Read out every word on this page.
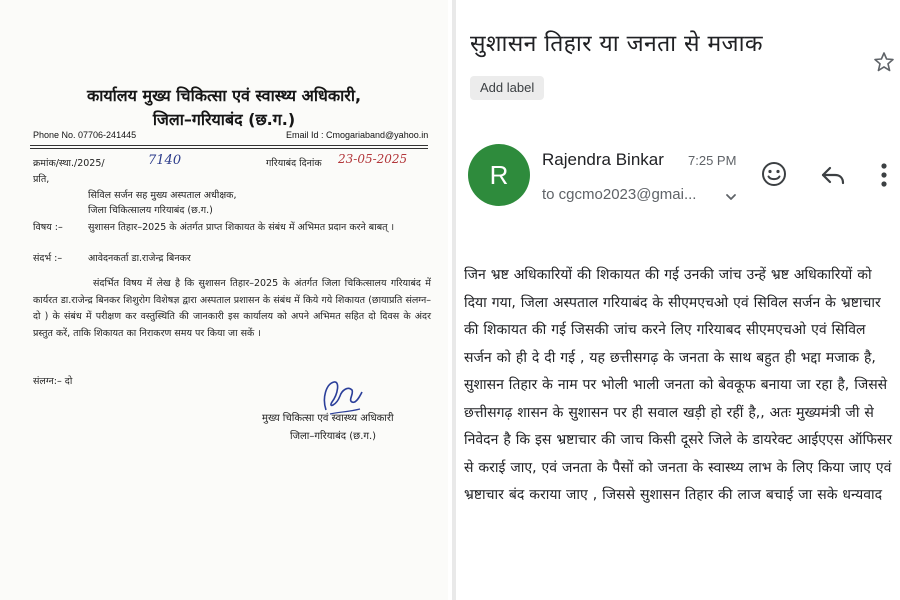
कार्यालय मुख्य चिकित्सा एवं स्वास्थ्य अधिकारी,
जिला–गरियाबंद (छ.ग.)
Phone No. 07706-241445	Email Id : Cmogariaband@yahoo.in
क्रमांक/स्था./2025/	7140	गरियाबंद दिनांक 23-05-2025
प्रति,
सिविल सर्जन सह मुख्य अस्पताल अधीक्षक,
जिला चिकित्सालय गरियाबंद (छ.ग.)
विषय :–	सुशासन तिहार–2025 के अंतर्गत प्राप्त शिकायत के संबंध में अभिमत प्रदान करने बाबत् ।
संदर्भ :–	आवेदनकर्ता डा.राजेन्द्र बिनकर
संदर्भित विषय में लेख है कि सुशासन तिहार–2025 के अंतर्गत जिला चिकित्सालय गरियाबंद में कार्यरत डा.राजेन्द्र बिनकर शिशुरोग विशेषज्ञ द्वारा अस्पताल प्रशासन के संबंध में किये गये शिकायत (छायाप्रति संलग्न–दो ) के संबंध में परीक्षण कर वस्तुस्थिति की जानकारी इस कार्यालय को अपने अभिमत सहित दो दिवस के अंदर प्रस्तुत करें, ताकि शिकायत का निराकरण समय पर किया जा सकें ।
संलग्न:– दो
मुख्य चिकित्सा एवं स्वास्थ्य अधिकारी
जिला–गरियाबंद (छ.ग.)
सुशासन तिहार या जनता से मजाक
Add label
R
Rajendra Binkar 7:25 PM
to cgcmo2023@gmai...
जिन भ्रष्ट अधिकारियों की शिकायत की गई उनकी जांच उन्हें भ्रष्ट अधिकारियों को दिया गया, जिला अस्पताल गरियाबंद के सीएमएचओ एवं सिविल सर्जन के भ्रष्टाचार की शिकायत की गई जिसकी जांच करने लिए गरियाबद सीएमएचओ एवं सिविल सर्जन को ही दे दी गई , यह छत्तीसगढ़ के जनता के साथ बहुत ही भद्दा मजाक है, सुशासन तिहार के नाम पर भोली भाली जनता को बेवकूफ बनाया जा रहा है, जिससे छत्तीसगढ़ शासन के सुशासन पर ही सवाल खड़ी हो रहीं है,, अतः मुख्यमंत्री जी से निवेदन है कि इस भ्रष्टाचार की जाच किसी दूसरे जिले के डायरेक्ट आईएएस ऑफिसर से कराई जाए, एवं जनता के पैसों को जनता के स्वास्थ्य लाभ के लिए किया जाए एवं भ्रष्टाचार बंद कराया जाए , जिससे सुशासन तिहार की लाज बचाई जा सके धन्यवाद
